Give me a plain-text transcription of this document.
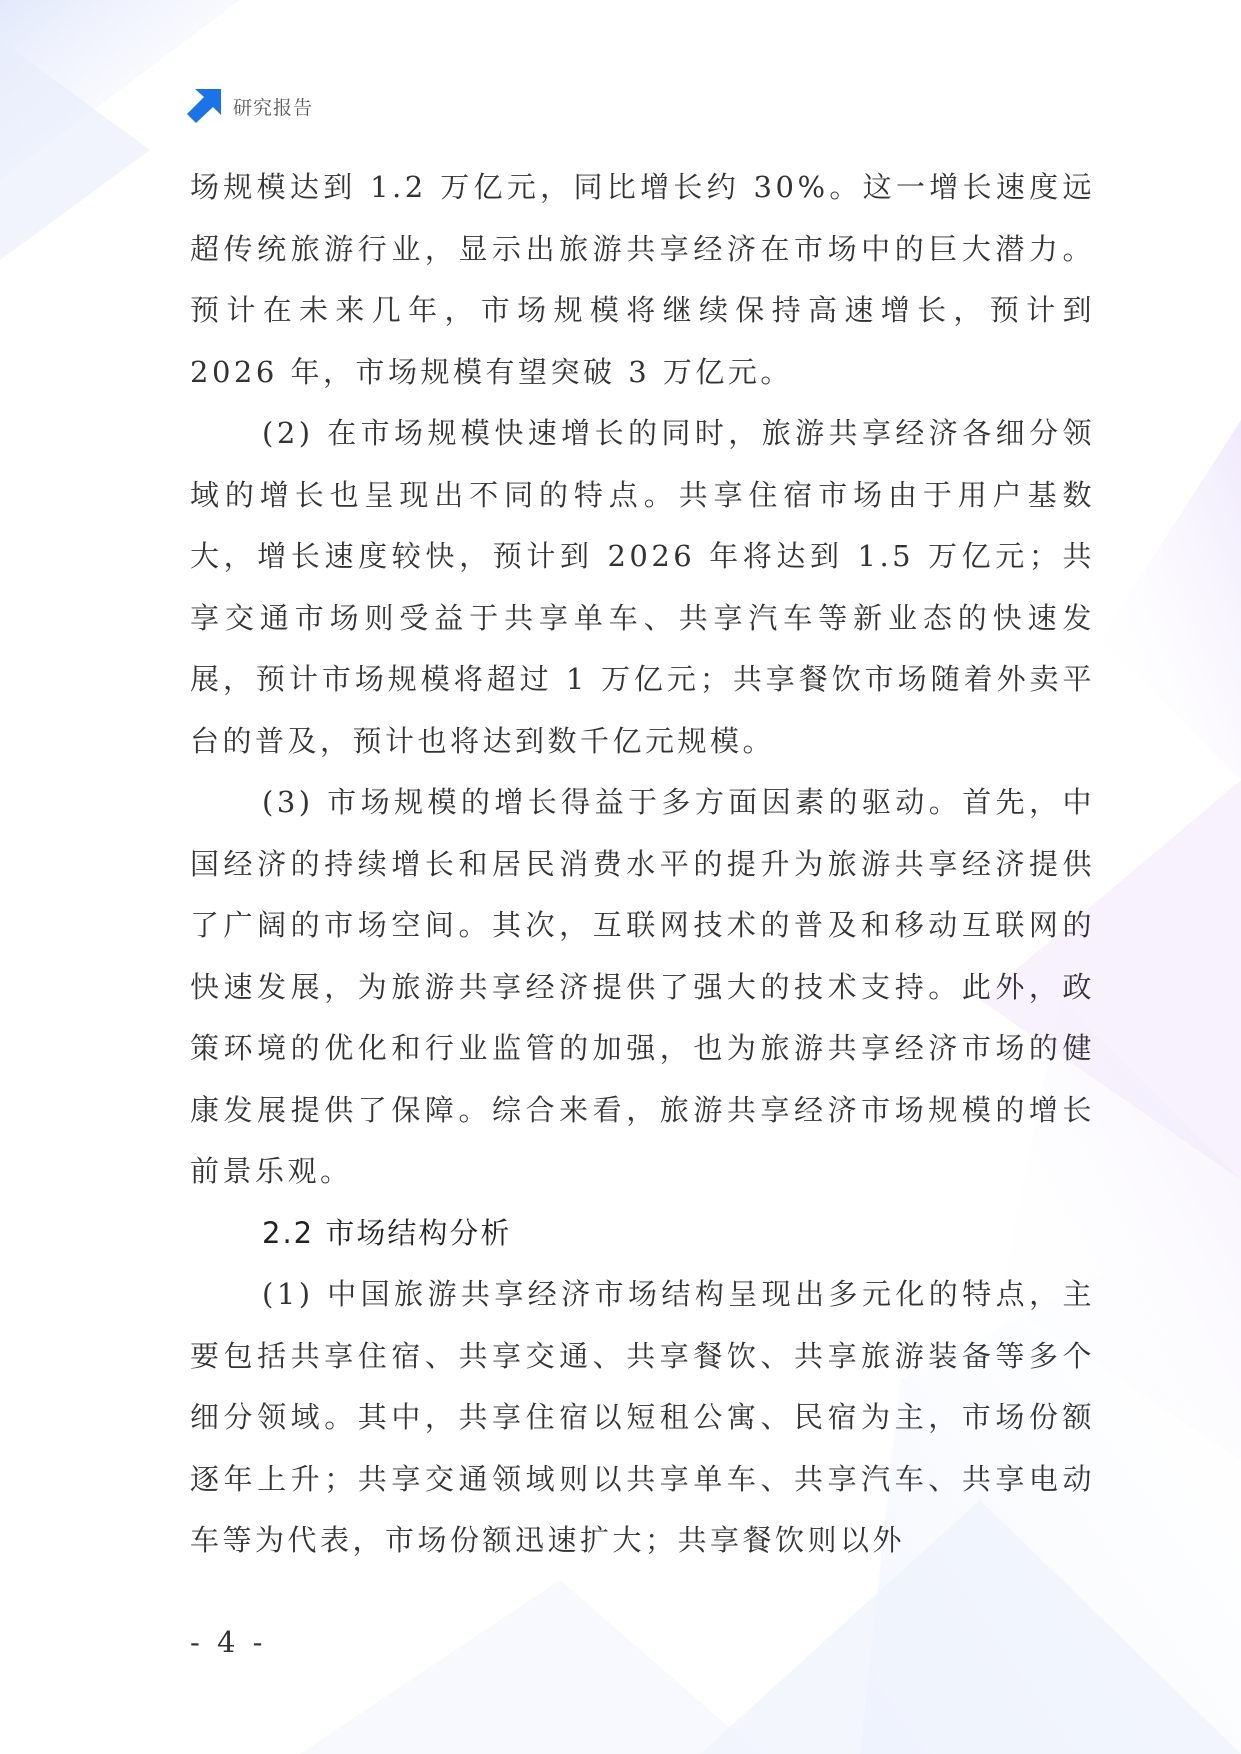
研究报告

场规模达到 1.2 万亿元，同比增长约 30%。这一增长速度远超传统旅游行业，显示出旅游共享经济在市场中的巨大潜力。预计在未来几年，市场规模将继续保持高速增长，预计到 2026 年，市场规模有望突破 3 万亿元。

(2) 在市场规模快速增长的同时，旅游共享经济各细分领域的增长也呈现出不同的特点。共享住宿市场由于用户基数大，增长速度较快，预计到 2026 年将达到 1.5 万亿元；共享交通市场则受益于共享单车、共享汽车等新业态的快速发展，预计市场规模将超过 1 万亿元；共享餐饮市场随着外卖平台的普及，预计也将达到数千亿元规模。

(3) 市场规模的增长得益于多方面因素的驱动。首先，中国经济的持续增长和居民消费水平的提升为旅游共享经济提供了广阔的市场空间。其次，互联网技术的普及和移动互联网的快速发展，为旅游共享经济提供了强大的技术支持。此外，政策环境的优化和行业监管的加强，也为旅游共享经济市场的健康发展提供了保障。综合来看，旅游共享经济市场规模的增长前景乐观。

2.2 市场结构分析

(1) 中国旅游共享经济市场结构呈现出多元化的特点，主要包括共享住宿、共享交通、共享餐饮、共享旅游装备等多个细分领域。其中，共享住宿以短租公寓、民宿为主，市场份额逐年上升；共享交通领域则以共享单车、共享汽车、共享电动车等为代表，市场份额迅速扩大；共享餐饮则以外

- 4 -
